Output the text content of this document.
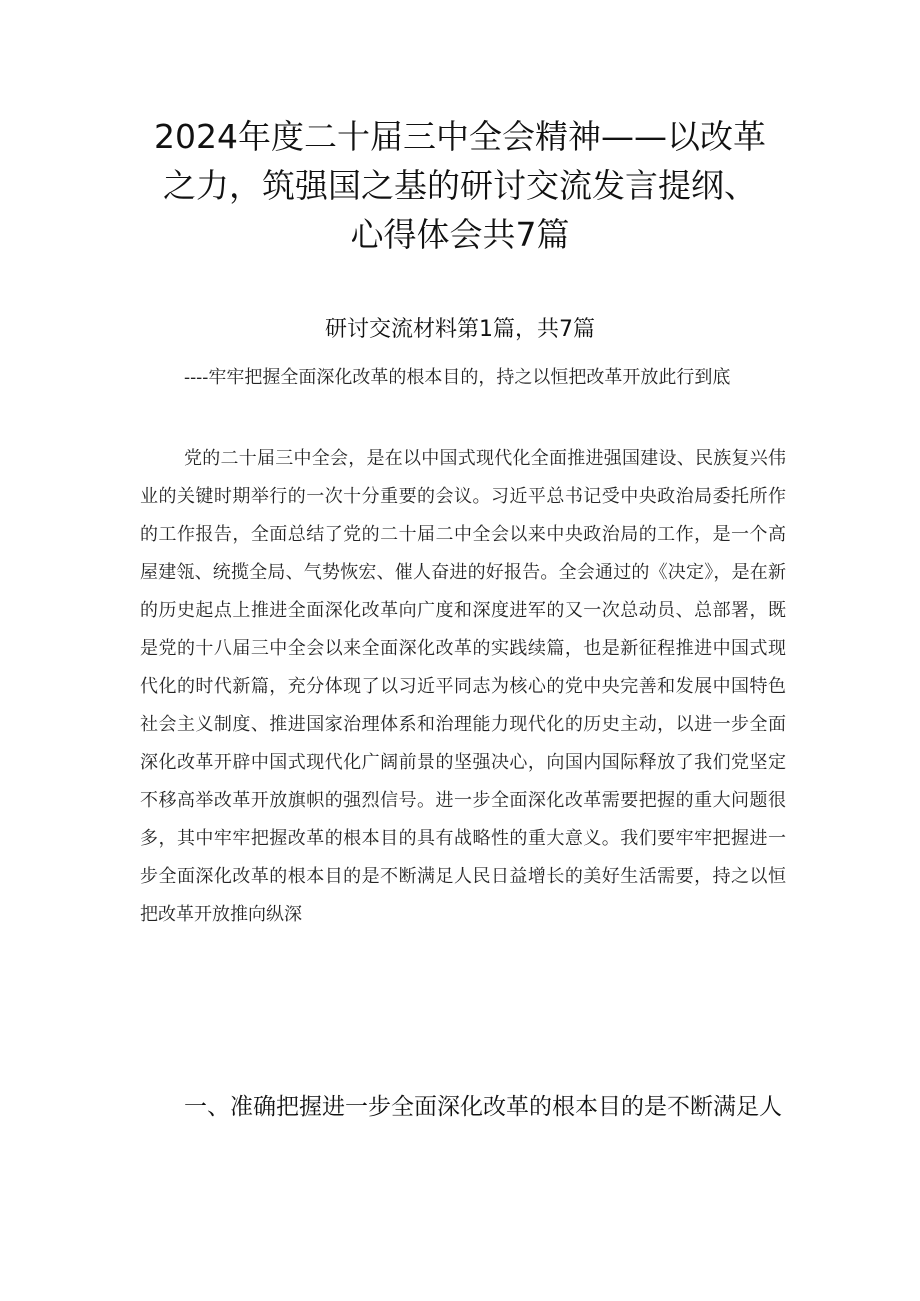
2024年度二十届三中全会精神——以改革
之力，筑强国之基的研讨交流发言提纲、
心得体会共7篇
研讨交流材料第1篇，共7篇

----牢牢把握全面深化改革的根本目的，持之以恒把改革开放此行到底

党的二十届三中全会，是在以中国式现代化全面推进强国建设、民族复兴伟业的关键时期举行的一次十分重要的会议。习近平总书记受中央政治局委托所作的工作报告，全面总结了党的二十届二中全会以来中央政治局的工作，是一个高屋建瓴、统揽全局、气势恢宏、催人奋进的好报告。全会通过的《决定》，是在新的历史起点上推进全面深化改革向广度和深度进军的又一次总动员、总部署，既是党的十八届三中全会以来全面深化改革的实践续篇，也是新征程推进中国式现代化的时代新篇，充分体现了以习近平同志为核心的党中央完善和发展中国特色社会主义制度、推进国家治理体系和治理能力现代化的历史主动，以进一步全面深化改革开辟中国式现代化广阔前景的坚强决心，向国内国际释放了我们党坚定不移高举改革开放旗帜的强烈信号。进一步全面深化改革需要把握的重大问题很多，其中牢牢把握改革的根本目的具有战略性的重大意义。我们要牢牢把握进一步全面深化改革的根本目的是不断满足人民日益增长的美好生活需要，持之以恒把改革开放推向纵深

一、准确把握进一步全面深化改革的根本目的是不断满足人
